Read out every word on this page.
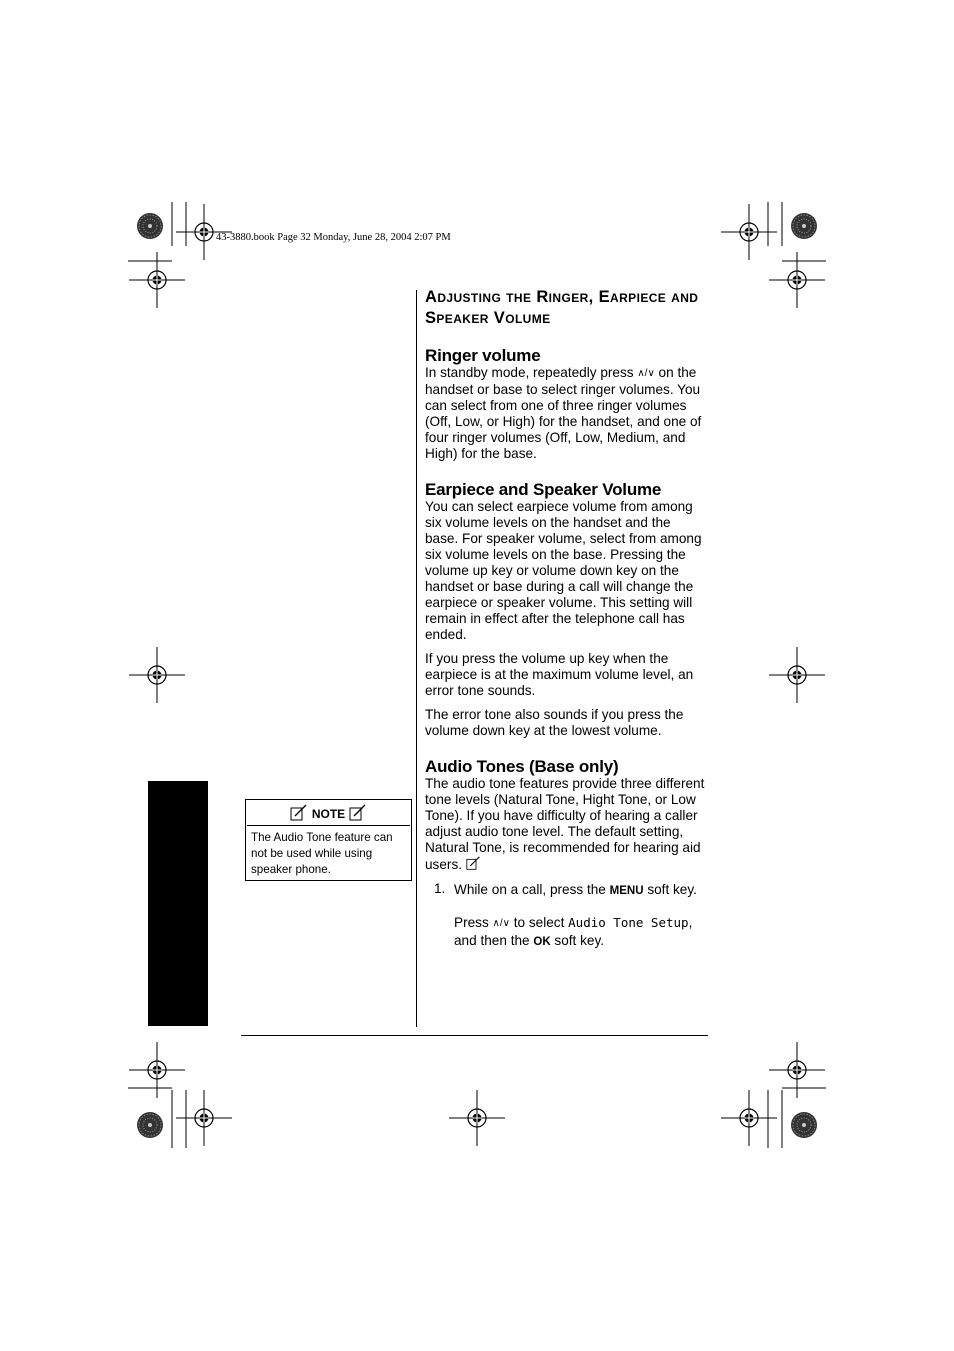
43-3880.book Page 32 Monday, June 28, 2004 2:07 PM
NOTE
The Audio Tone feature can not be used while using speaker phone.
Adjusting the Ringer, Earpiece and Speaker Volume
Ringer volume

In standby mode, repeatedly press ∧/∨ on the handset or base to select ringer volumes. You can select from one of three ringer volumes (Off, Low, or High) for the handset, and one of four ringer volumes (Off, Low, Medium, and High) for the base.

Earpiece and Speaker Volume

You can select earpiece volume from among six volume levels on the handset and the base. For speaker volume, select from among six volume levels on the base. Pressing the volume up key or volume down key on the handset or base during a call will change the earpiece or speaker volume. This setting will remain in effect after the telephone call has ended.

If you press the volume up key when the earpiece is at the maximum volume level, an error tone sounds.

The error tone also sounds if you press the volume down key at the lowest volume.

Audio Tones (Base only)

The audio tone features provide three different tone levels (Natural Tone, Hight Tone, or Low Tone). If you have difficulty of hearing a caller adjust audio tone level. The default setting, Natural Tone, is recommended for hearing aid users.

1. While on a call, press the MENU soft key.

Press ∧/∨ to select Audio Tone Setup, and then the OK soft key.
